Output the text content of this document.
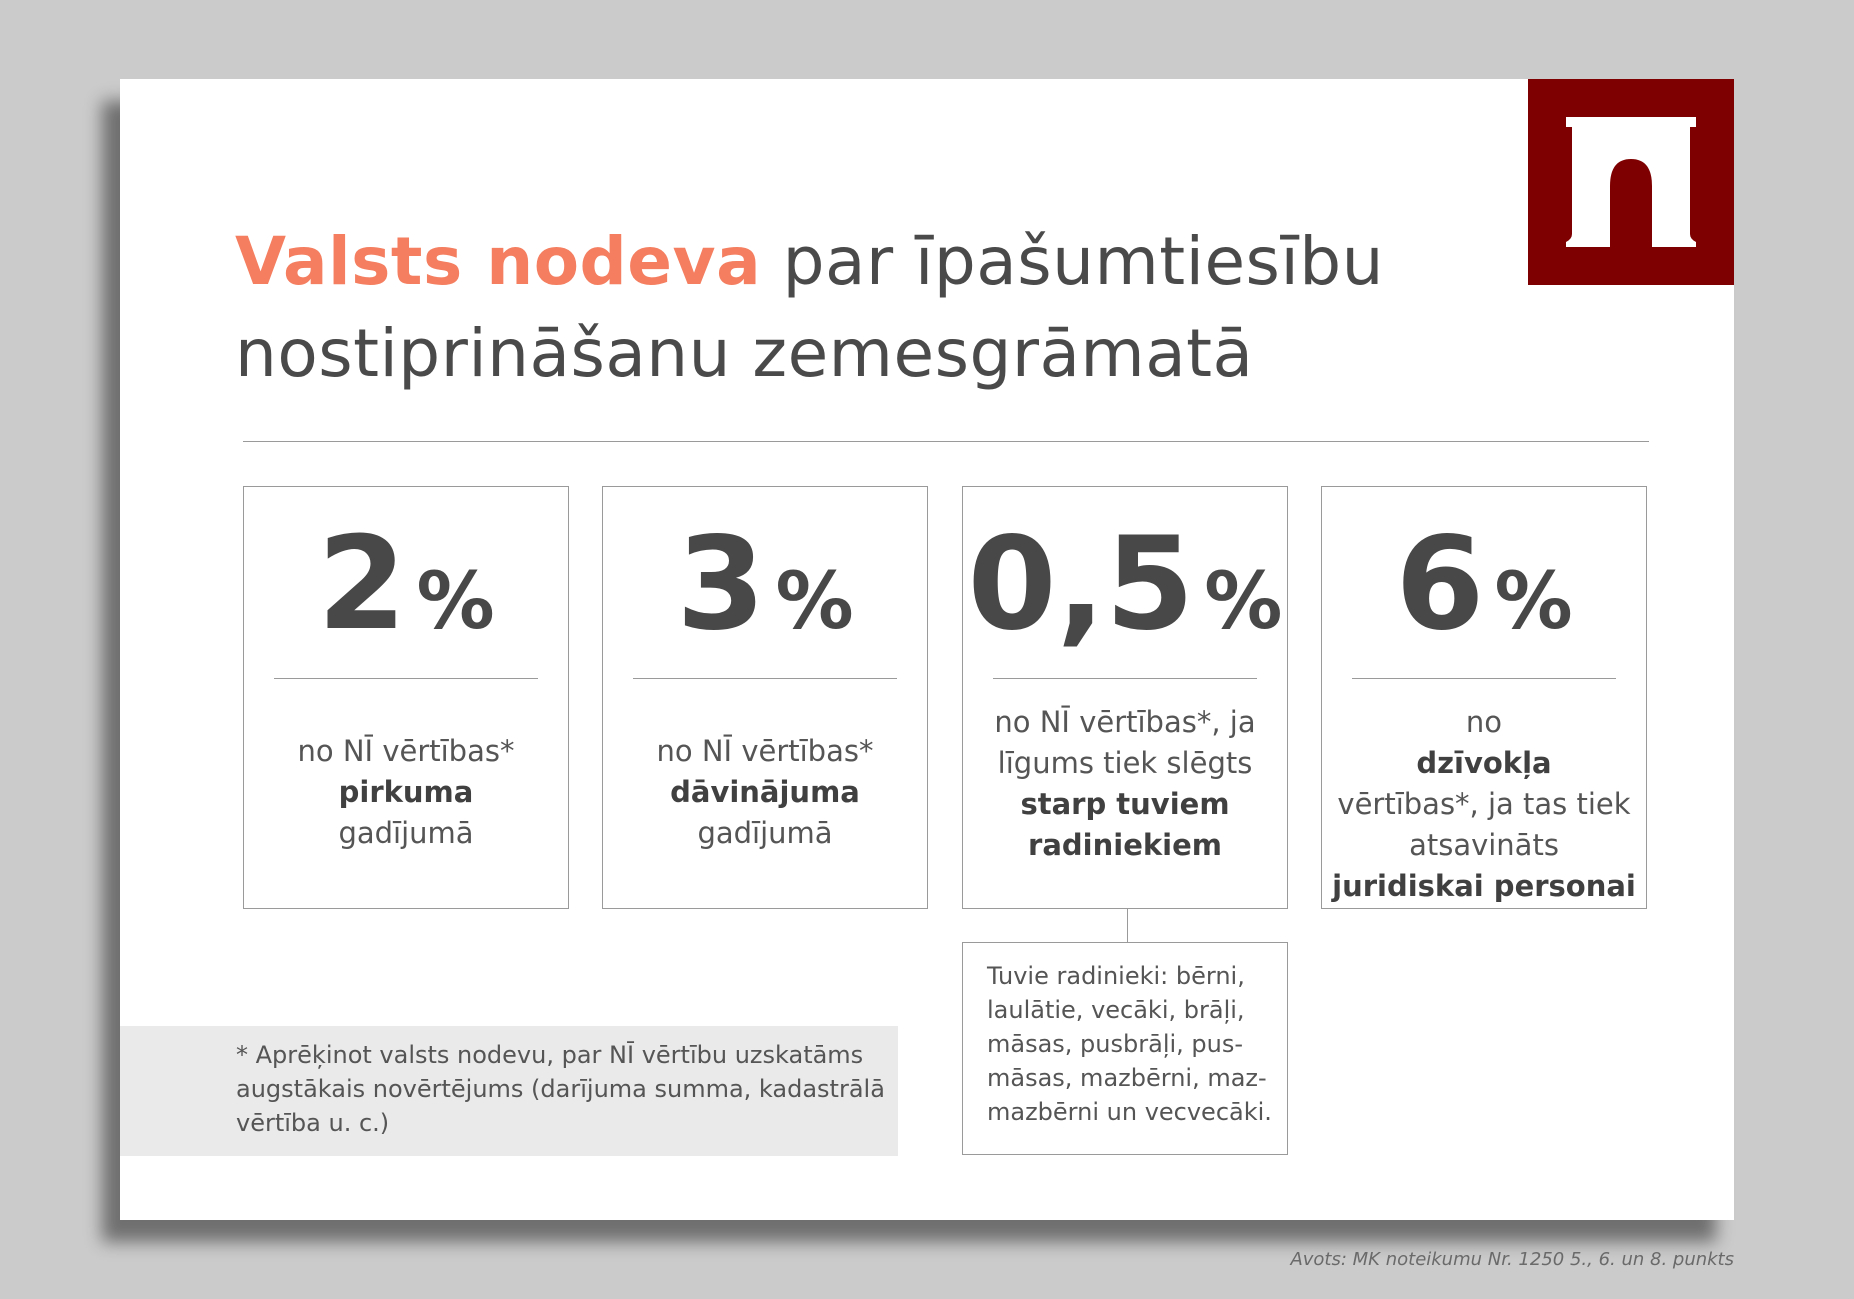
Valsts nodeva par īpašumtiesību
nostiprināšanu zemesgrāmatā
2 %
no NĪ vērtības*
pirkuma
gadījumā
3 %
no NĪ vērtības*
dāvinājuma
gadījumā
0,5 %
no NĪ vērtības*, ja
līgums tiek slēgts
starp tuviem
radiniekiem
6 %
no
dzīvokļa
vērtības*, ja tas tiek
atsavināts
juridiskai personai
Tuvie radinieki: bērni,
laulātie, vecāki, brāļi,
māsas, pusbrāļi, pus-
māsas, mazbērni, maz-
mazbērni un vecvecāki.
* Aprēķinot valsts nodevu, par NĪ vērtību uzskatāms
augstākais novērtējums (darījuma summa, kadastrālā
vērtība u. c.)
Avots: MK noteikumu Nr. 1250 5., 6. un 8. punkts
